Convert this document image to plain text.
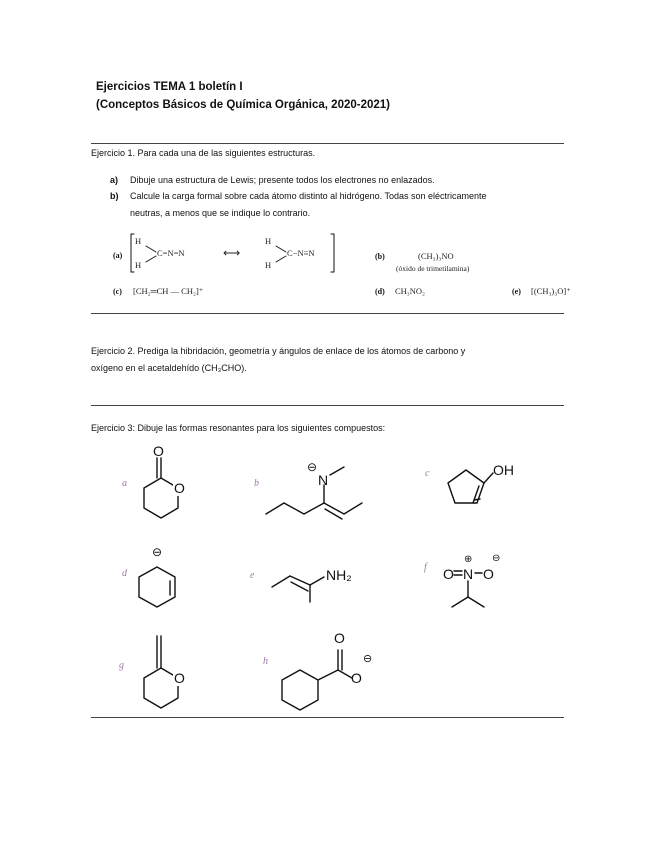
Ejercicios TEMA 1 boletín I
(Conceptos Básicos de Química Orgánica, 2020-2021)
Ejercicio 1. Para cada una de las siguientes estructuras.
a) Dibuje una estructura de Lewis; presente todos los electrones no enlazados.
b) Calcule la carga formal sobre cada átomo distinto al hidrógeno. Todas son eléctricamente
neutras, a menos que se indique lo contrario.
(a)
H
H
C=N=N	⟷
H
H
C−N≡N	(b)	(CH₃)₃NO
(óxido de trimetilamina)
(c) [CH₂═CH — CH₂]⁺	(d) CH₃NO₂	(e) [(CH₃)₃O]⁺
Ejercicio 2. Prediga la hibridación, geometría y ángulos de enlace de los átomos de carbono y
oxígeno en el acetaldehído (CH₃CHO).
Ejercicio 3: Dibuje las formas resonantes para los siguientes compuestos:
a
O
O	b	N
⊖	c	OH
d
⊖
e	NH₂	f O N
⊕
O
⊖
g
O
h
O
O
⊖
